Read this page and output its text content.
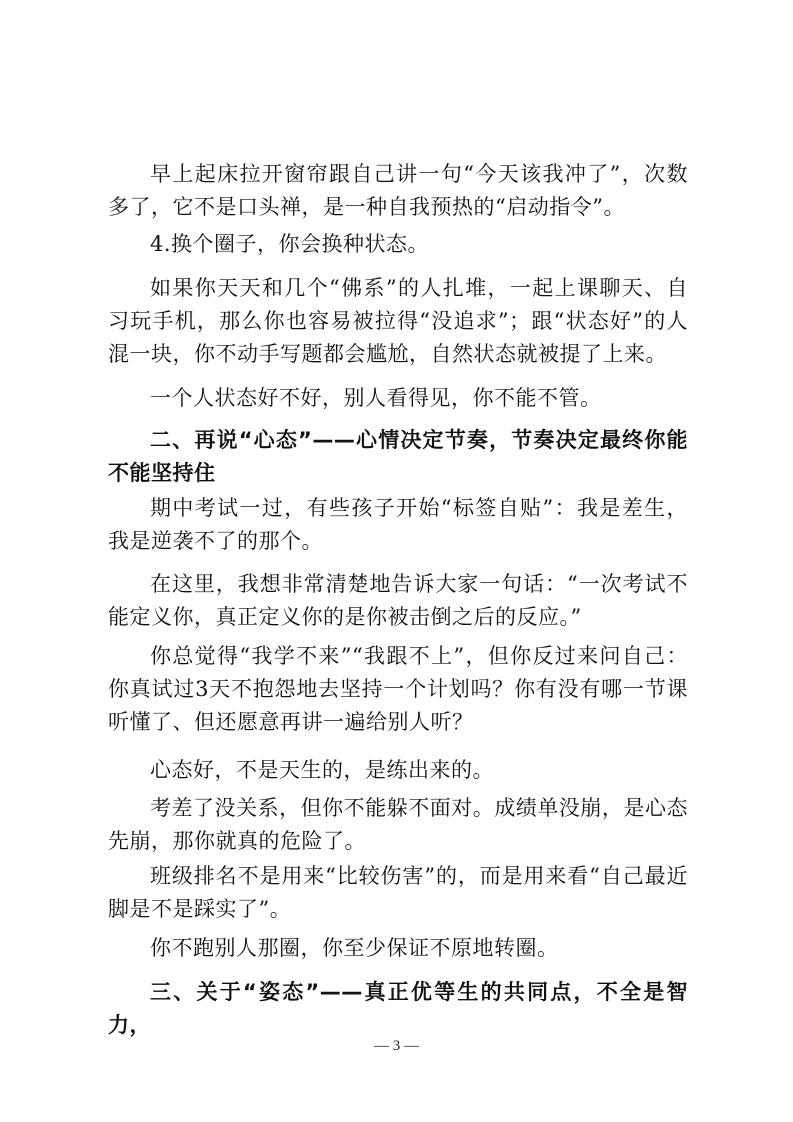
早上起床拉开窗帘跟自己讲一句“今天该我冲了”，次数多了，它不是口头禅，是一种自我预热的“启动指令”。

4.换个圈子，你会换种状态。

如果你天天和几个“佛系”的人扎堆，一起上课聊天、自习玩手机，那么你也容易被拉得“没追求”；跟“状态好”的人混一块，你不动手写题都会尴尬，自然状态就被提了上来。

一个人状态好不好，别人看得见，你不能不管。

二、再说“心态”——心情决定节奏，节奏决定最终你能不能坚持住

期中考试一过，有些孩子开始“标签自贴”：我是差生，我是逆袭不了的那个。

在这里，我想非常清楚地告诉大家一句话：“一次考试不能定义你，真正定义你的是你被击倒之后的反应。”

你总觉得“我学不来”“我跟不上”，但你反过来问自己：你真试过3天不抱怨地去坚持一个计划吗？你有没有哪一节课听懂了、但还愿意再讲一遍给别人听？

心态好，不是天生的，是练出来的。

考差了没关系，但你不能躲不面对。成绩单没崩，是心态先崩，那你就真的危险了。

班级排名不是用来“比较伤害”的，而是用来看“自己最近脚是不是踩实了”。

你不跑别人那圈，你至少保证不原地转圈。

三、关于“姿态”——真正优等生的共同点，不全是智力，

— 3 —
